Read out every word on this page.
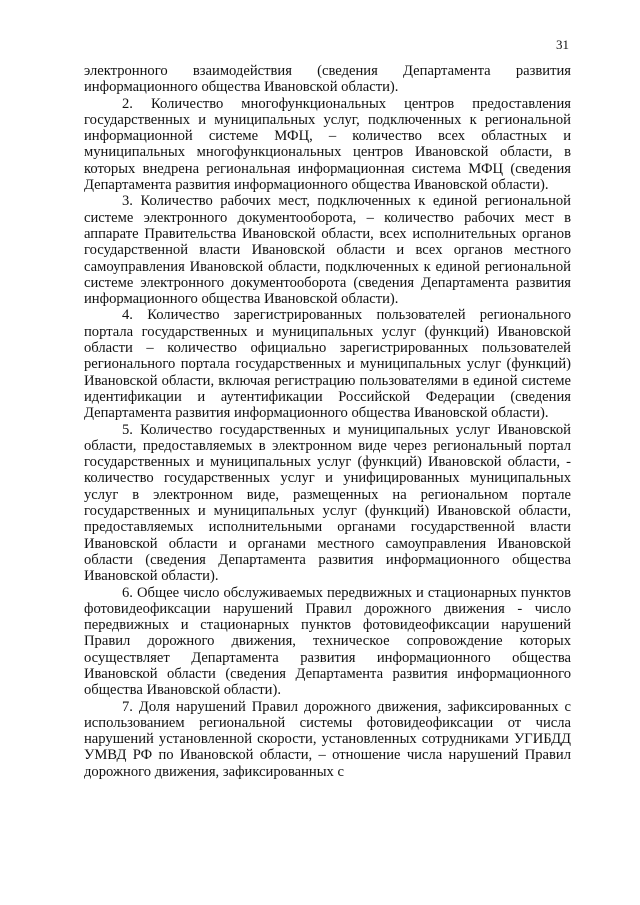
31

электронного взаимодействия (сведения Департамента развития информационного общества Ивановской области).

2. Количество многофункциональных центров предоставления государственных и муниципальных услуг, подключенных к региональной информационной системе МФЦ, – количество всех областных и муниципальных многофункциональных центров Ивановской области, в которых внедрена региональная информационная система МФЦ (сведения Департамента развития информационного общества Ивановской области).

3. Количество рабочих мест, подключенных к единой региональной системе электронного документооборота, – количество рабочих мест в аппарате Правительства Ивановской области, всех исполнительных органов государственной власти Ивановской области и всех органов местного самоуправления Ивановской области, подключенных к единой региональной системе электронного документооборота (сведения Департамента развития информационного общества Ивановской области).

4. Количество зарегистрированных пользователей регионального портала государственных и муниципальных услуг (функций) Ивановской области – количество официально зарегистрированных пользователей регионального портала государственных и муниципальных услуг (функций) Ивановской области, включая регистрацию пользователями в единой системе идентификации и аутентификации Российской Федерации (сведения Департамента развития информационного общества Ивановской области).

5. Количество государственных и муниципальных услуг Ивановской области, предоставляемых в электронном виде через региональный портал государственных и муниципальных услуг (функций) Ивановской области, - количество государственных услуг и унифицированных муниципальных услуг в электронном виде, размещенных на региональном портале государственных и муниципальных услуг (функций) Ивановской области, предоставляемых исполнительными органами государственной власти Ивановской области и органами местного самоуправления Ивановской области (сведения Департамента развития информационного общества Ивановской области).

6. Общее число обслуживаемых передвижных и стационарных пунктов фотовидеофиксации нарушений Правил дорожного движения - число передвижных и стационарных пунктов фотовидеофиксации нарушений Правил дорожного движения, техническое сопровождение которых осуществляет Департамента развития информационного общества Ивановской области (сведения Департамента развития информационного общества Ивановской области).

7. Доля нарушений Правил дорожного движения, зафиксированных с использованием региональной системы фотовидеофиксации от числа нарушений установленной скорости, установленных сотрудниками УГИБДД УМВД РФ по Ивановской области, – отношение числа нарушений Правил дорожного движения, зафиксированных с
